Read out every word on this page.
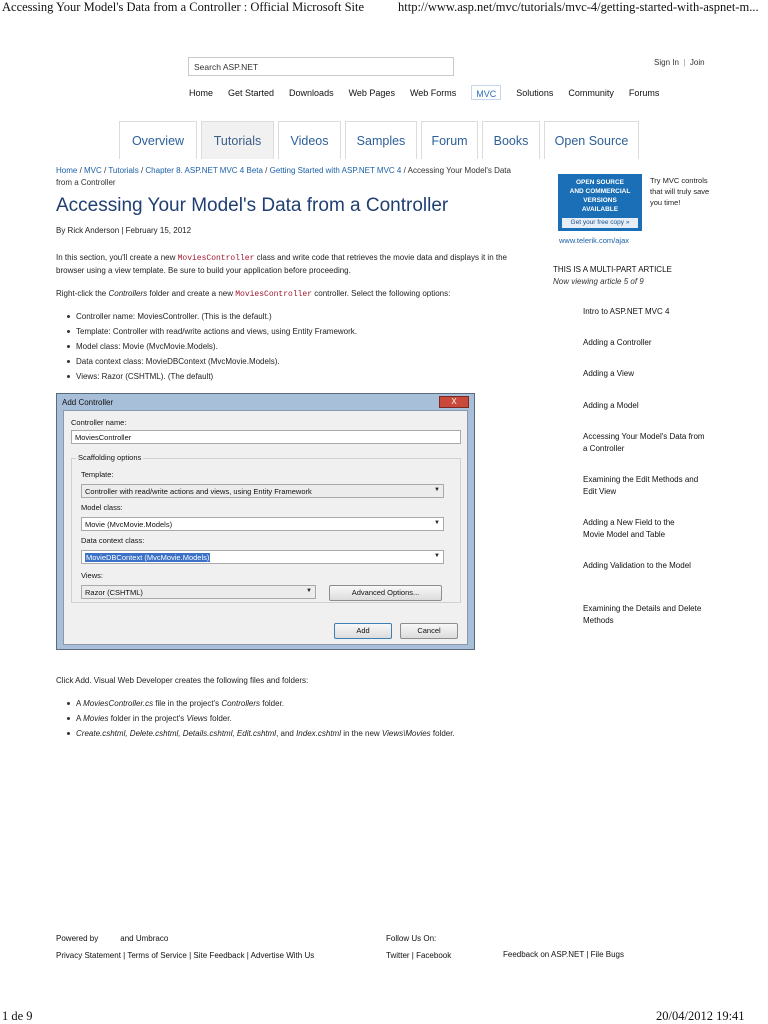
Accessing Your Model's Data from a Controller : Official Microsoft Site	http://www.asp.net/mvc/tutorials/mvc-4/getting-started-with-aspnet-m...
1 de 9	20/04/2012 19:41
Search ASP.NET	Sign In  |  Join
Home Get Started Downloads Web Pages Web Forms	MVC	Solutions Community Forums
Overview	Tutorials	Videos	Samples	Forum	Books	Open Source
Home / MVC / Tutorials / Chapter 8. ASP.NET MVC 4 Beta / Getting Started with ASP.NET MVC 4 / Accessing Your Model's Data from a Controller
Accessing Your Model's Data from a Controller
By Rick Anderson | February 15, 2012
In this section, you'll create a new MoviesController class and write code that retrieves the movie data and displays it in the browser using a view template. Be sure to build your application before proceeding.
Right-click the Controllers folder and create a new MoviesController controller. Select the following options:
Controller name: MoviesController. (This is the default.)
Template: Controller with read/write actions and views, using Entity Framework.
Model class: Movie (MvcMovie.Models).
Data context class: MovieDBContext (MvcMovie.Models).
Views: Razor (CSHTML). (The default)
Add Controller	X
Controller name:
MoviesController
Scaffolding options
Template:
Controller with read/write actions and views, using Entity Framework ▼
Model class:
Movie (MvcMovie.Models) ▼
Data context class:
MovieDBContext (MvcMovie.Models) ▼
Views:
Razor (CSHTML) ▼	Advanced Options...
Add	Cancel
Click Add. Visual Web Developer creates the following files and folders:
A MoviesController.cs file in the project's Controllers folder.
A Movies folder in the project's Views folder.
Create.cshtml, Delete.cshtml, Details.cshtml, Edit.cshtml, and Index.cshtml in the new Views\Movies folder.
OPEN SOURCE
AND COMMERCIAL
VERSIONS
AVAILABLE
Get your free copy »
Try MVC controls that will truly save you time!
www.telerik.com/ajax
THIS IS A MULTI-PART ARTICLE
Now viewing article 5 of 9
Intro to ASP.NET MVC 4
Adding a Controller
Adding a View
Adding a Model
Accessing Your Model's Data from a Controller
Examining the Edit Methods and Edit View
Adding a New Field to the Movie Model and Table
Adding Validation to the Model
Examining the Details and Delete Methods
Powered by	and Umbraco
Privacy Statement | Terms of Service | Site Feedback | Advertise With Us
Follow Us On:
Twitter | Facebook	Feedback on ASP.NET | File Bugs
